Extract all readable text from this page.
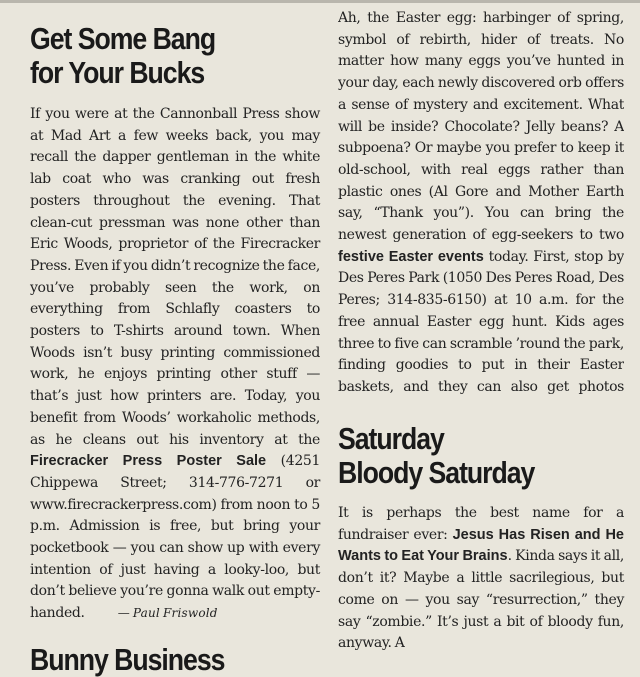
Get Some Bang
for Your Bucks

If you were at the Cannonball Press show at Mad Art a few weeks back, you may recall the dapper gentleman in the white lab coat who was cranking out fresh posters throughout the evening. That clean-cut pressman was none other than Eric Woods, proprietor of the Firecracker Press. Even if you didn’t recognize the face, you’ve probably seen the work, on everything from Schlafly coasters to posters to T-shirts around town. When Woods isn’t busy printing commissioned work, he enjoys printing other stuff — that’s just how printers are. Today, you benefit from Woods’ workaholic methods, as he cleans out his inventory at the Firecracker Press Poster Sale (4251 Chippewa Street; 314-776-7271 or www.firecrackerpress.com) from noon to 5 p.m. Admission is free, but bring your pocketbook — you can show up with every intention of just having a looky-loo, but don’t believe you’re gonna walk out empty-handed.	— Paul Friswold

Bunny Business

Ah, the Easter egg: harbinger of spring, symbol of rebirth, hider of treats. No matter how many eggs you’ve hunted in your day, each newly discovered orb offers a sense of mystery and excitement. What will be inside? Chocolate? Jelly beans? A subpoena? Or maybe you prefer to keep it old-school, with real eggs rather than plastic ones (Al Gore and Mother Earth say, “Thank you”). You can bring the newest generation of egg-seekers to two festive Easter events today. First, stop by Des Peres Park (1050 Des Peres Road, Des Peres; 314-835-6150) at 10 a.m. for the free annual Easter egg hunt. Kids ages three to five can scramble ’round the park, finding goodies to put in their Easter baskets, and they can also get photos

Saturday
Bloody Saturday

It is perhaps the best name for a fundraiser ever: Jesus Has Risen and He Wants to Eat Your Brains. Kinda says it all, don’t it? Maybe a little sacrilegious, but come on — you say “resurrection,” they say “zombie.” It’s just a bit of bloody fun, anyway. A
